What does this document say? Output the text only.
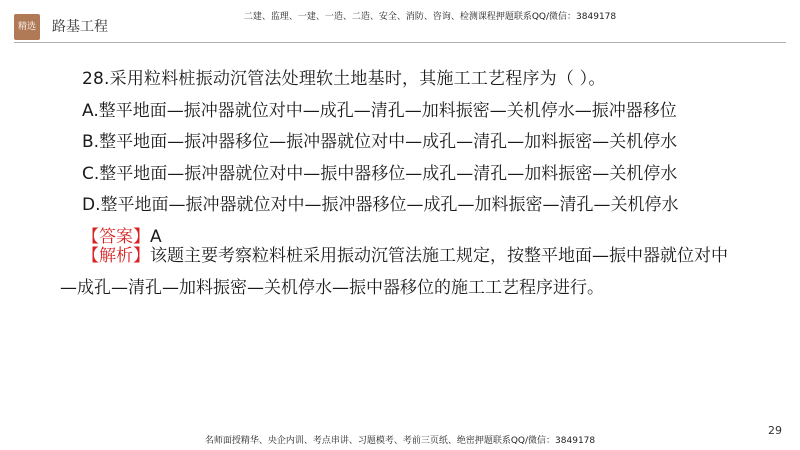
二建、监理、一建、一造、二造、安全、消防、咨询、检测课程押题联系QQ/微信：3849178
精选 路基工程
28.采用粒料桩振动沉管法处理软土地基时，其施工工艺程序为（ ）。
A.整平地面—振冲器就位对中—成孔—清孔—加料振密—关机停水—振冲器移位
B.整平地面—振冲器移位—振冲器就位对中—成孔—清孔—加料振密—关机停水
C.整平地面—振冲器就位对中—振中器移位—成孔—清孔—加料振密—关机停水
D.整平地面—振冲器就位对中—振冲器移位—成孔—加料振密—清孔—关机停水
【答案】A
【解析】该题主要考察粒料桩采用振动沉管法施工规定，按整平地面—振中器就位对中
—成孔—清孔—加料振密—关机停水—振中器移位的施工工艺程序进行。
29
名师面授精华、央企内训、考点串讲、习题模考、考前三页纸、绝密押题联系QQ/微信：3849178
